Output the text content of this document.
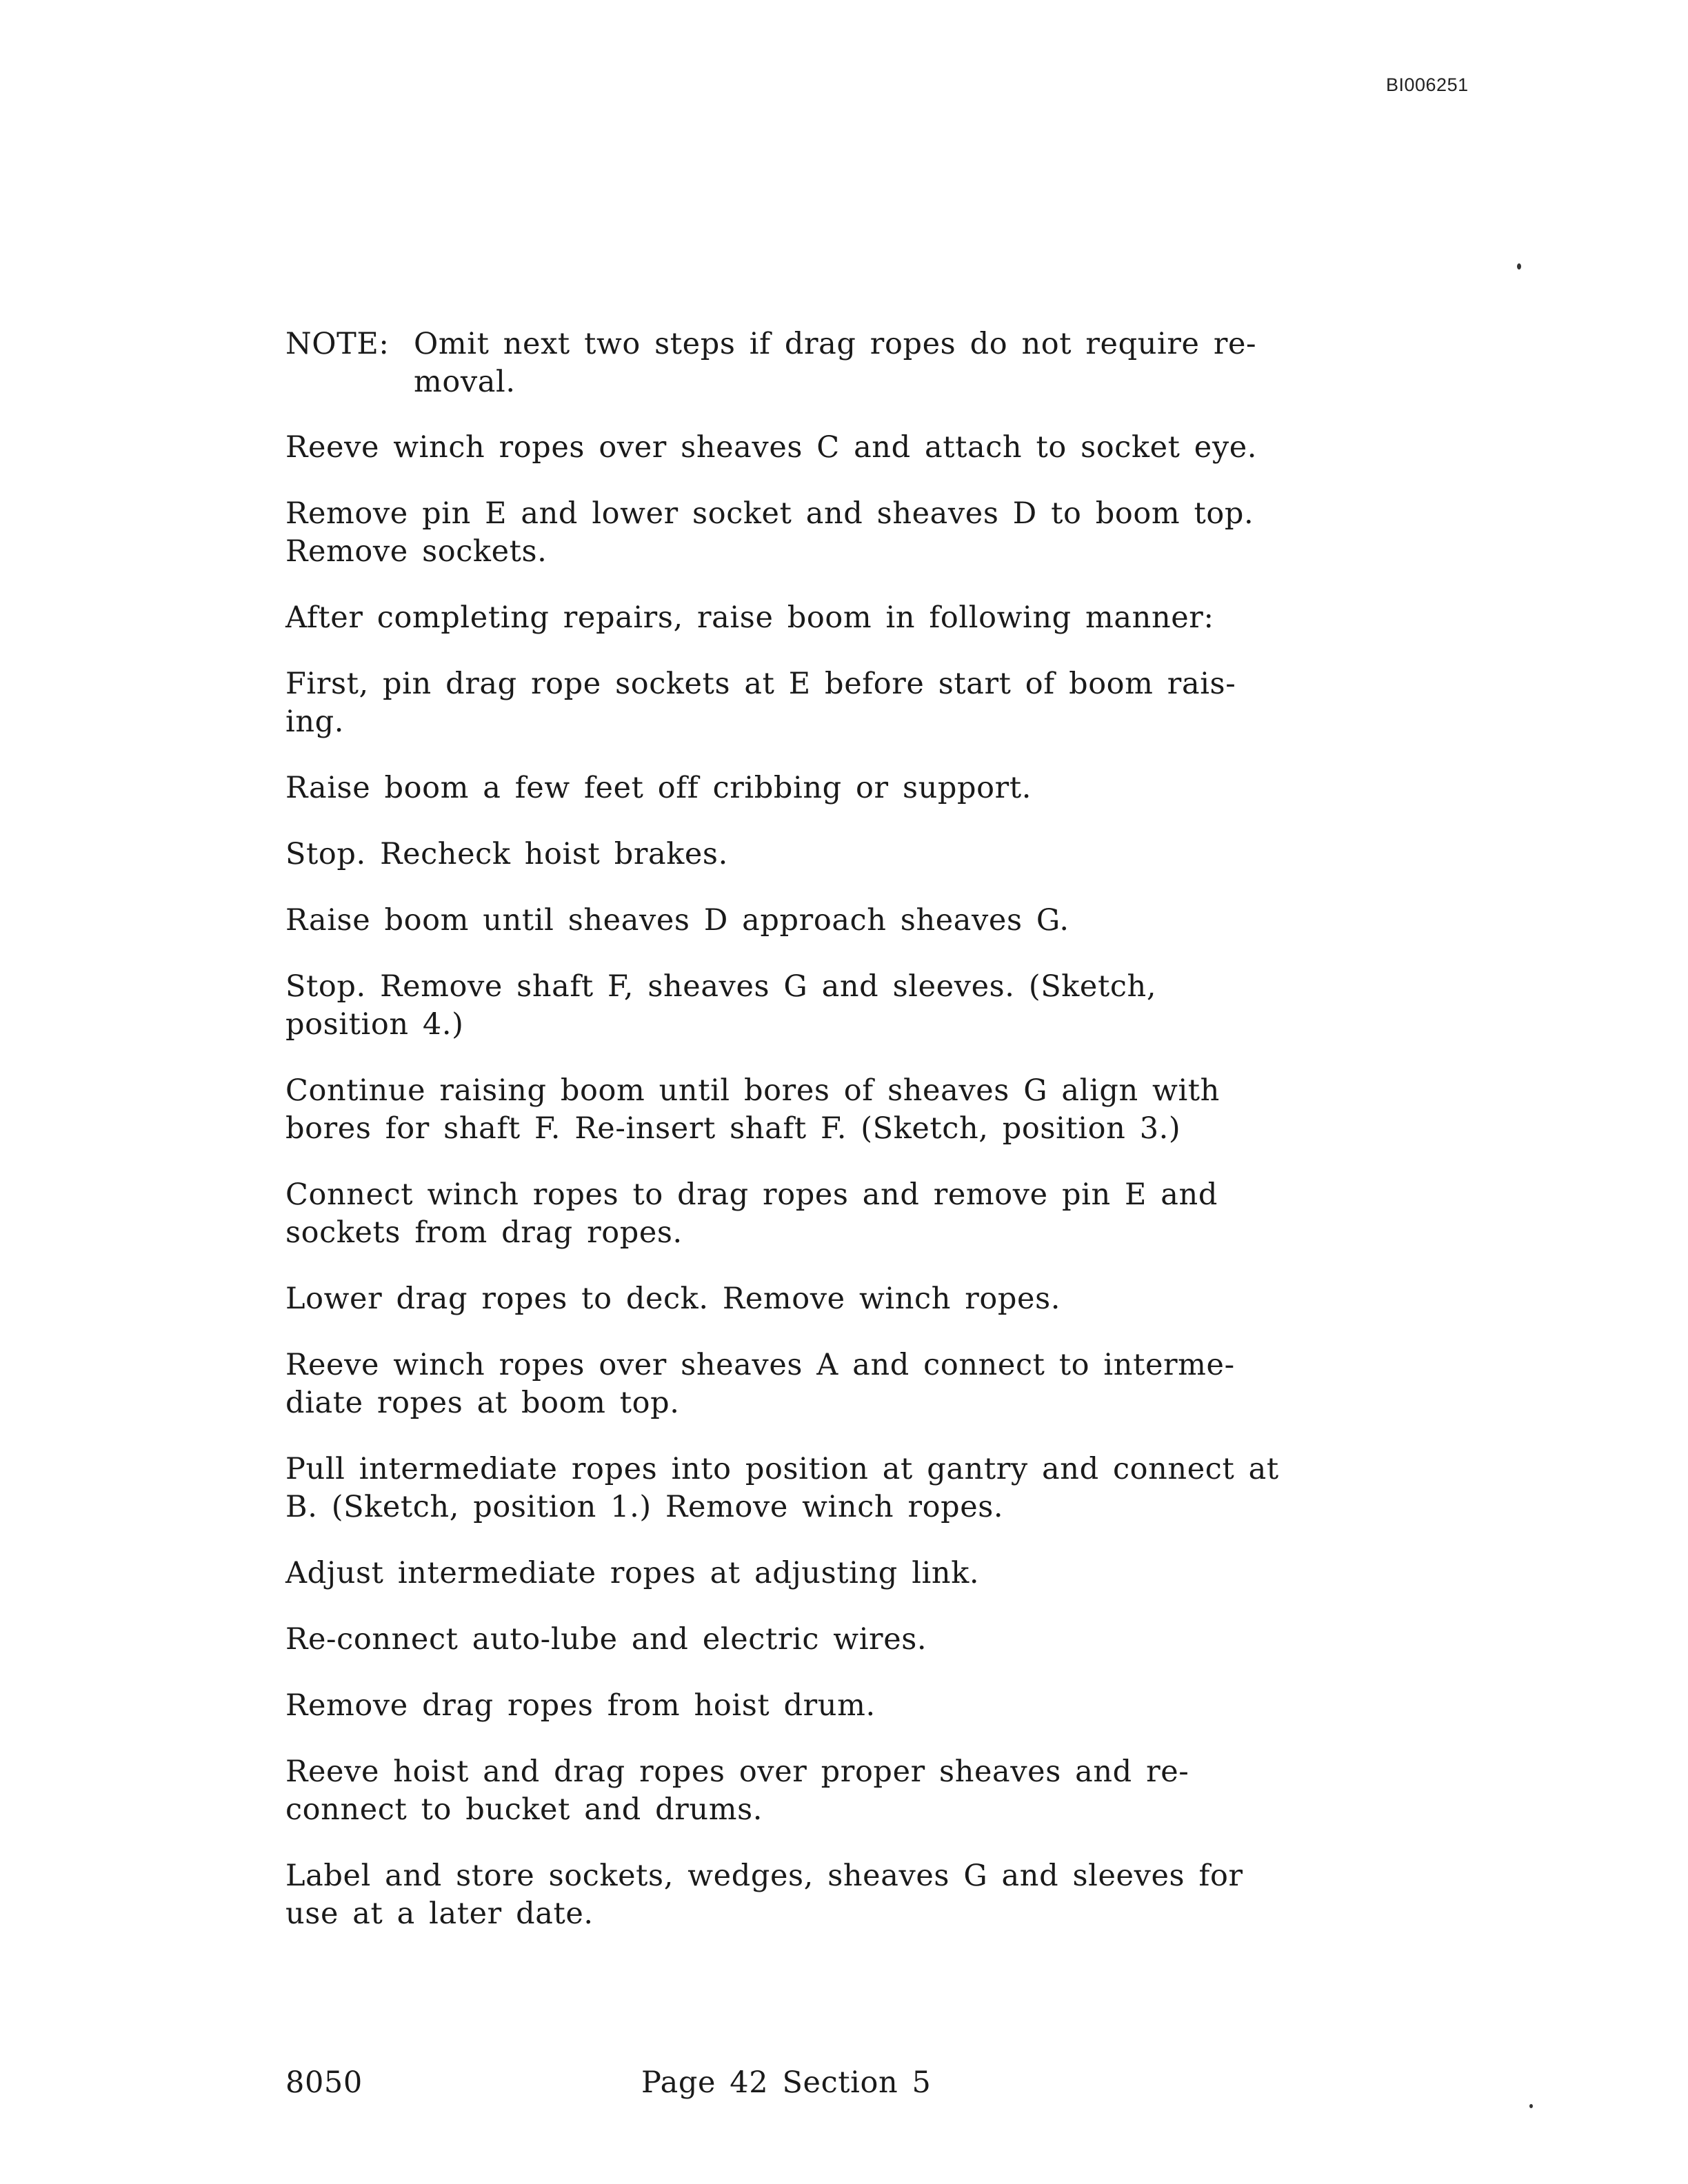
BI006251
NOTE: Omit next two steps if drag ropes do not require re-moval.

Reeve winch ropes over sheaves C and attach to socket eye.

Remove pin E and lower socket and sheaves D to boom top. Remove sockets.

After completing repairs, raise boom in following manner:

First, pin drag rope sockets at E before start of boom rais-ing.

Raise boom a few feet off cribbing or support.

Stop. Recheck hoist brakes.

Raise boom until sheaves D approach sheaves G.

Stop. Remove shaft F, sheaves G and sleeves. (Sketch, position 4.)

Continue raising boom until bores of sheaves G align with bores for shaft F. Re-insert shaft F. (Sketch, position 3.)

Connect winch ropes to drag ropes and remove pin E and sockets from drag ropes.

Lower drag ropes to deck. Remove winch ropes.

Reeve winch ropes over sheaves A and connect to interme-diate ropes at boom top.

Pull intermediate ropes into position at gantry and connect at B. (Sketch, position 1.) Remove winch ropes.

Adjust intermediate ropes at adjusting link.

Re-connect auto-lube and electric wires.

Remove drag ropes from hoist drum.

Reeve hoist and drag ropes over proper sheaves and re-connect to bucket and drums.

Label and store sockets, wedges, sheaves G and sleeves for use at a later date.

8050	Page 42 Section 5
